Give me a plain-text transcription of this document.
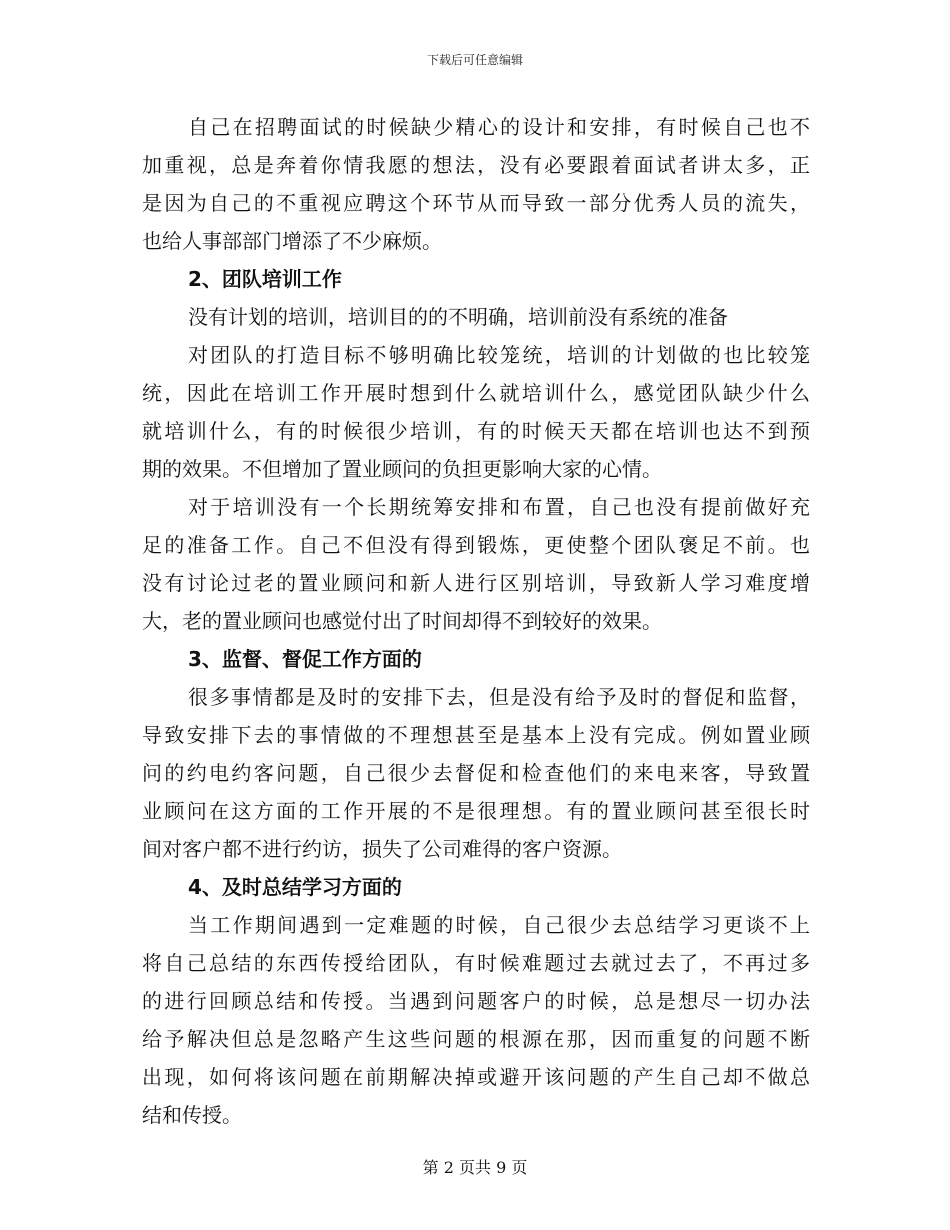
下载后可任意编辑
自己在招聘面试的时候缺少精心的设计和安排，有时候自己也不
加重视，总是奔着你情我愿的想法，没有必要跟着面试者讲太多，正
是因为自己的不重视应聘这个环节从而导致一部分优秀人员的流失，
也给人事部部门增添了不少麻烦。
2、团队培训工作
没有计划的培训，培训目的的不明确，培训前没有系统的准备
对团队的打造目标不够明确比较笼统，培训的计划做的也比较笼
统，因此在培训工作开展时想到什么就培训什么，感觉团队缺少什么
就培训什么，有的时候很少培训，有的时候天天都在培训也达不到预
期的效果。不但增加了置业顾问的负担更影响大家的心情。
对于培训没有一个长期统筹安排和布置，自己也没有提前做好充
足的准备工作。自己不但没有得到锻炼，更使整个团队褒足不前。也
没有讨论过老的置业顾问和新人进行区别培训，导致新人学习难度增
大，老的置业顾问也感觉付出了时间却得不到较好的效果。
3、监督、督促工作方面的
很多事情都是及时的安排下去，但是没有给予及时的督促和监督，
导致安排下去的事情做的不理想甚至是基本上没有完成。例如置业顾
问的约电约客问题，自己很少去督促和检查他们的来电来客，导致置
业顾问在这方面的工作开展的不是很理想。有的置业顾问甚至很长时
间对客户都不进行约访，损失了公司难得的客户资源。
4、及时总结学习方面的
当工作期间遇到一定难题的时候，自己很少去总结学习更谈不上
将自己总结的东西传授给团队，有时候难题过去就过去了，不再过多
的进行回顾总结和传授。当遇到问题客户的时候，总是想尽一切办法
给予解决但总是忽略产生这些问题的根源在那，因而重复的问题不断
出现，如何将该问题在前期解决掉或避开该问题的产生自己却不做总
结和传授。
第 2 页共 9 页
